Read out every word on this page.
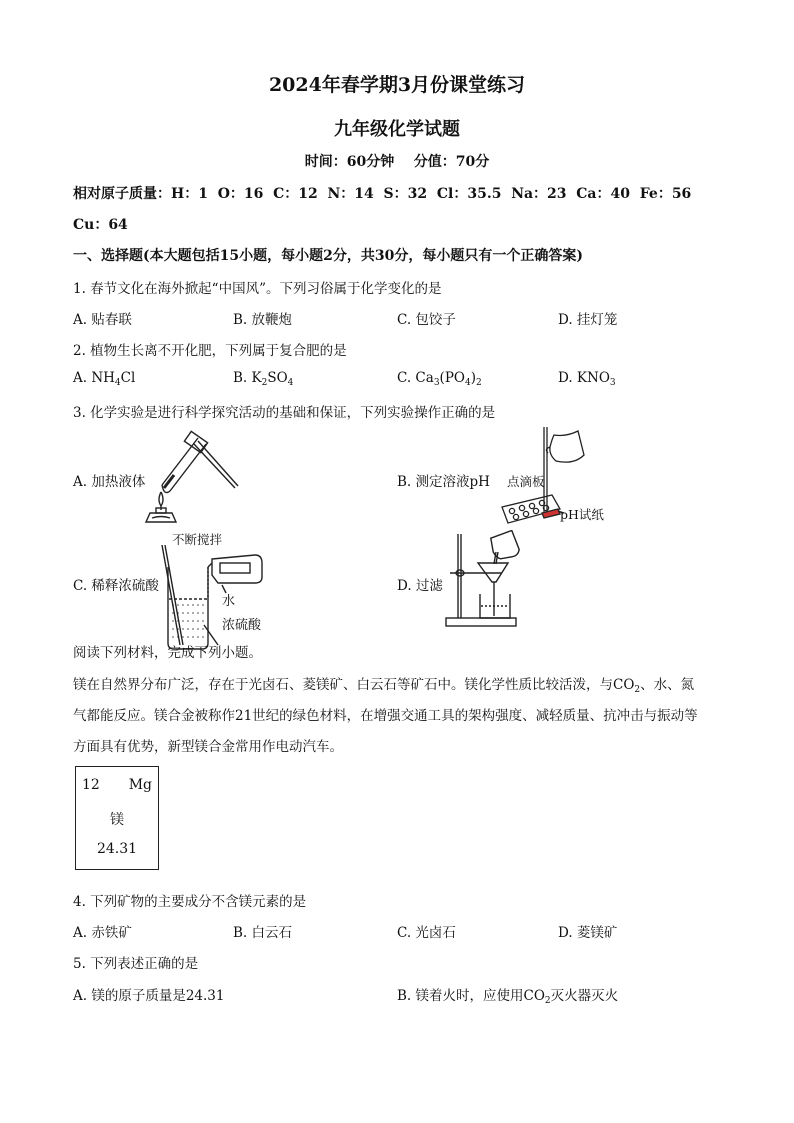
2024年春学期3月份课堂练习
九年级化学试题
时间：60分钟    分值：70分
相对原子质量：H：1  O：16  C：12  N：14  S：32  Cl：35.5  Na：23  Ca：40  Fe：56
Cu：64
一、选择题(本大题包括15小题，每小题2分，共30分，每小题只有一个正确答案)
1. 春节文化在海外掀起“中国风”。下列习俗属于化学变化的是
A. 贴春联	B. 放鞭炮	C. 包饺子	D. 挂灯笼
2. 植物生长离不开化肥，下列属于复合肥的是
A. $NH_4Cl$	B. $K_2SO_4$	C. $Ca_3(PO_4)_2$	D. $KNO_3$
3. 化学实验是进行科学探究活动的基础和保证，下列实验操作正确的是
A. 加热液体	B. 测定溶液pH 点滴板
pH试纸
C. 稀释浓硫酸
不断搅拌
水
浓硫酸
D. 过滤
阅读下列材料，完成下列小题。
镁在自然界分布广泛，存在于光卤石、菱镁矿、白云石等矿石中。镁化学性质比较活泼，与$CO_2$、水、氮
气都能反应。镁合金被称作21世纪的绿色材料，在增强交通工具的架构强度、减轻质量、抗冲击与振动等
方面具有优势，新型镁合金常用作电动汽车。
12 Mg
镁
24.31
4. 下列矿物的主要成分不含镁元素的是
A. 赤铁矿	B. 白云石	C. 光卤石	D. 菱镁矿
5. 下列表述正确的是
A. 镁的原子质量是24.31	B. 镁着火时，应使用$CO_2$灭火器灭火
